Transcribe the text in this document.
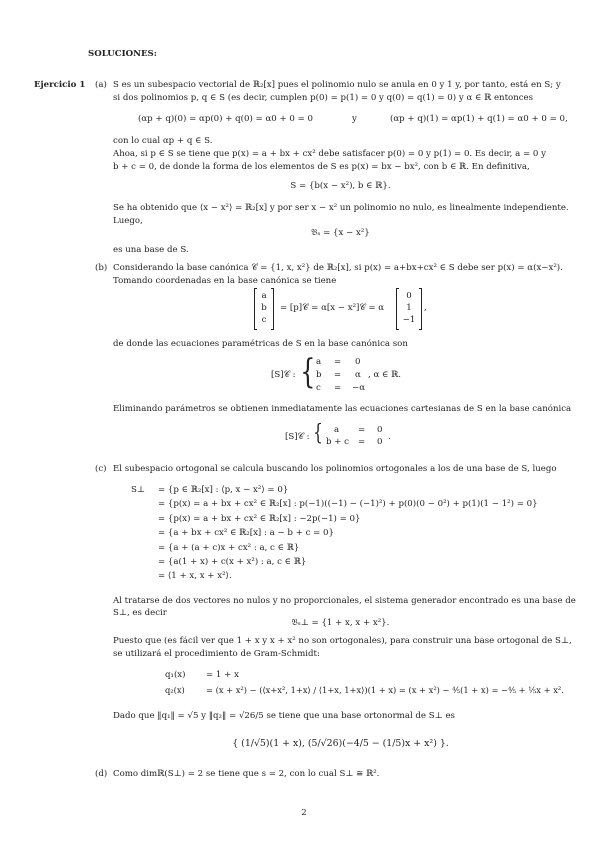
SOLUCIONES:
Ejercicio 1 (a) S es un subespacio vectorial de ℝ₂[x] pues el polinomio nulo se anula en 0 y 1 y, por tanto, está en S; y
si dos polinomios p, q ∈ S (es decir, cumplen p(0) = p(1) = 0 y q(0) = q(1) = 0) y α ∈ ℝ entonces
(αp + q)(0) = αp(0) + q(0) = α0 + 0 = 0	y	(αp + q)(1) = αp(1) + q(1) = α0 + 0 = 0,
con lo cual αp + q ∈ S.
Ahoa, si p ∈ S se tiene que p(x) = a + bx + cx² debe satisfacer p(0) = 0 y p(1) = 0. Es decir, a = 0 y
b + c = 0, de donde la forma de los elementos de S es p(x) = bx − bx², con b ∈ ℝ. En definitiva,
S = {b(x − x²), b ∈ ℝ}.
Se ha obtenido que ⟨x − x²⟩ = ℝ₂[x] y por ser x − x² un polinomio no nulo, es linealmente independiente.
Luego,
𝔅ₛ = {x − x²}
es una base de S.
(b) Considerando la base canónica 𝒞 = {1, x, x²} de ℝ₂[x], si p(x) = a+bx+cx² ∈ S debe ser p(x) = α(x−x²).
Tomando coordenadas en la base canónica se tiene
a
b
c
= [p]𝒞 = α[x − x²]𝒞 = α
0
1
−1
,
de donde las ecuaciones paramétricas de S en la base canónica son
[S]𝒞 : { a = 0
b = α
c = −α
, α ∈ ℝ.
Eliminando parámetros se obtienen inmediatamente las ecuaciones cartesianas de S en la base canónica
[S]𝒞 : { a = 0
b + c = 0 .
(c) El subespacio ortogonal se calcula buscando los polinomios ortogonales a los de una base de S, luego
S⊥ = {p ∈ ℝ₂[x] : ⟨p, x − x²⟩ = 0}
= {p(x) = a + bx + cx² ∈ ℝ₂[x] : p(−1)((−1) − (−1)²) + p(0)(0 − 0²) + p(1)(1 − 1²) = 0}
= {p(x) = a + bx + cx² ∈ ℝ₂[x] : −2p(−1) = 0}
= {a + bx + cx² ∈ ℝ₂[x] : a − b + c = 0}
= {a + (a + c)x + cx² : a, c ∈ ℝ}
= {a(1 + x) + c(x + x²) : a, c ∈ ℝ}
= ⟨1 + x, x + x²⟩.
Al tratarse de dos vectores no nulos y no proporcionales, el sistema generador encontrado es una base de
S⊥, es decir
𝔅ₛ⊥ = {1 + x, x + x²}.
Puesto que (es fácil ver que 1 + x y x + x² no son ortogonales), para construir una base ortogonal de S⊥,
se utilizará el procedimiento de Gram-Schmidt:
q₁(x) = 1 + x
q₂(x)	= (x + x²) − (⟨x+x², 1+x⟩ / ⟨1+x, 1+x⟩)(1 + x) = (x + x²) − ⅘(1 + x) = −⅘ + ⅕x + x².
Dado que ‖q₁‖ = √5 y ‖q₂‖ = √26/5 se tiene que una base ortonormal de S⊥ es
{ (1/√5)(1 + x), (5/√26)(−4/5 − (1/5)x + x²) }.
(d) Como dimℝ(S⊥) = 2 se tiene que s = 2, con lo cual S⊥ ≅ ℝ².
2
